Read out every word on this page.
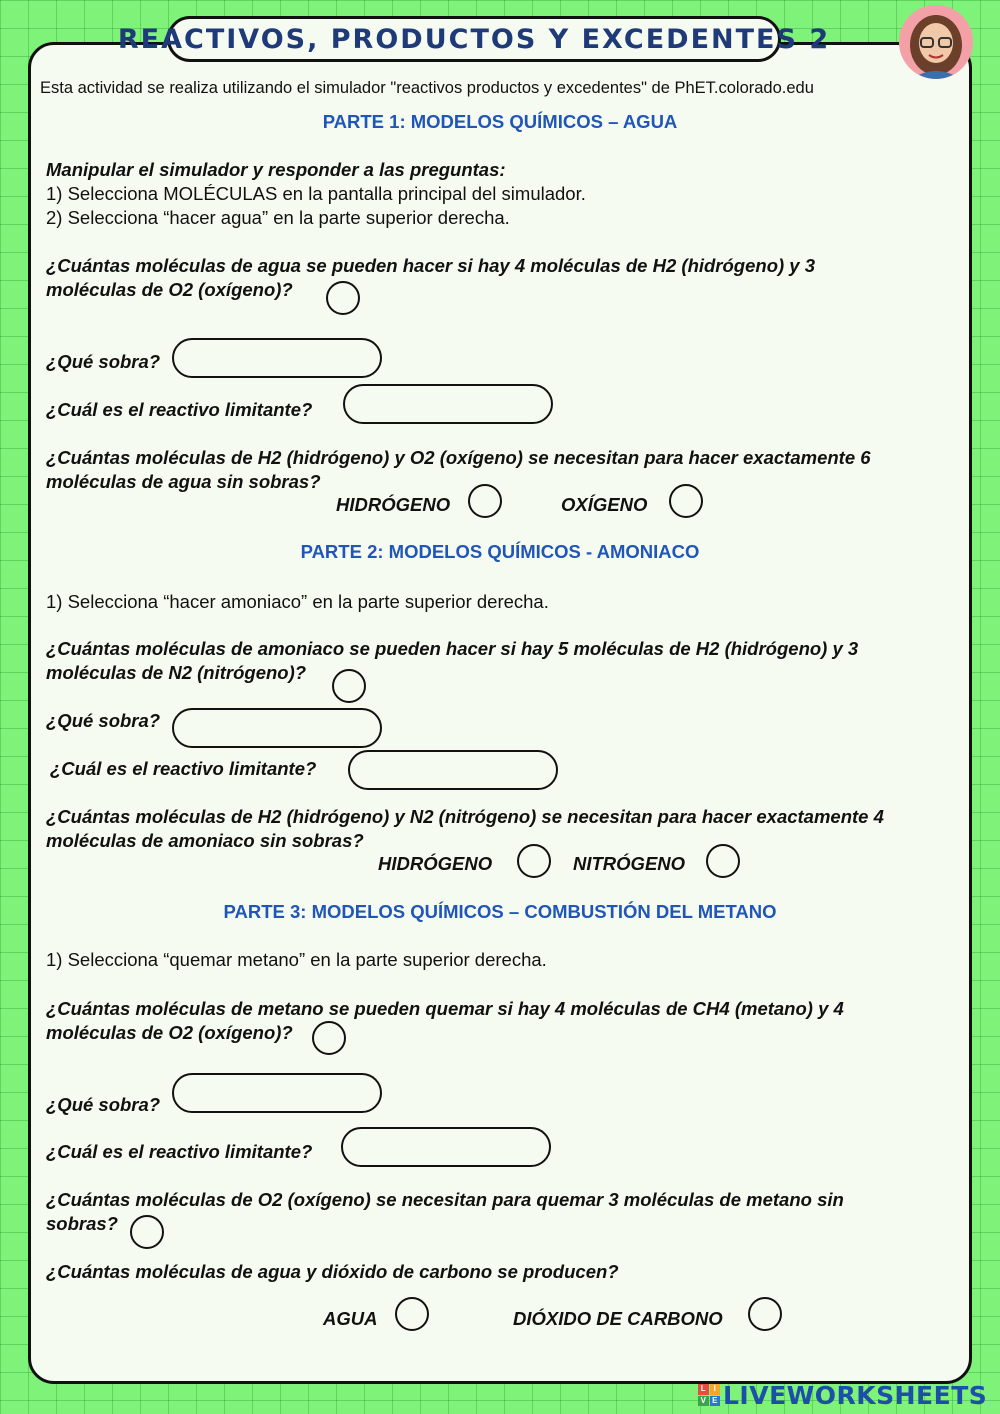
REACTIVOS, PRODUCTOS Y EXCEDENTES 2
Esta actividad se realiza utilizando el simulador "reactivos productos y excedentes" de PhET.colorado.edu
PARTE 1: MODELOS QUÍMICOS – AGUA
Manipular el simulador y responder a las preguntas:
1) Selecciona MOLÉCULAS en la pantalla principal del simulador.
2) Selecciona “hacer agua” en la parte superior derecha.
¿Cuántas moléculas de agua se pueden hacer si hay 4 moléculas de H2 (hidrógeno) y 3
moléculas de O2 (oxígeno)?
¿Qué sobra?
¿Cuál es el reactivo limitante?
¿Cuántas moléculas de H2 (hidrógeno) y O2 (oxígeno) se necesitan para hacer exactamente 6
moléculas de agua sin sobras?
HIDRÓGENO	OXÍGENO
PARTE 2: MODELOS QUÍMICOS - AMONIACO
1) Selecciona “hacer amoniaco” en la parte superior derecha.
¿Cuántas moléculas de amoniaco se pueden hacer si hay 5 moléculas de H2 (hidrógeno) y 3
moléculas de N2 (nitrógeno)?
¿Qué sobra?
¿Cuál es el reactivo limitante?
¿Cuántas moléculas de H2 (hidrógeno) y N2 (nitrógeno) se necesitan para hacer exactamente 4
moléculas de amoniaco sin sobras?
HIDRÓGENO	NITRÓGENO
PARTE 3: MODELOS QUÍMICOS – COMBUSTIÓN DEL METANO
1) Selecciona “quemar metano” en la parte superior derecha.
¿Cuántas moléculas de metano se pueden quemar si hay 4 moléculas de CH4 (metano) y 4
moléculas de O2 (oxígeno)?
¿Qué sobra?
¿Cuál es el reactivo limitante?
¿Cuántas moléculas de O2 (oxígeno) se necesitan para quemar 3 moléculas de metano sin
sobras?
¿Cuántas moléculas de agua y dióxido de carbono se producen?
AGUA	DIÓXIDO DE CARBONO
L I
V E LIVEWORKSHEETS
